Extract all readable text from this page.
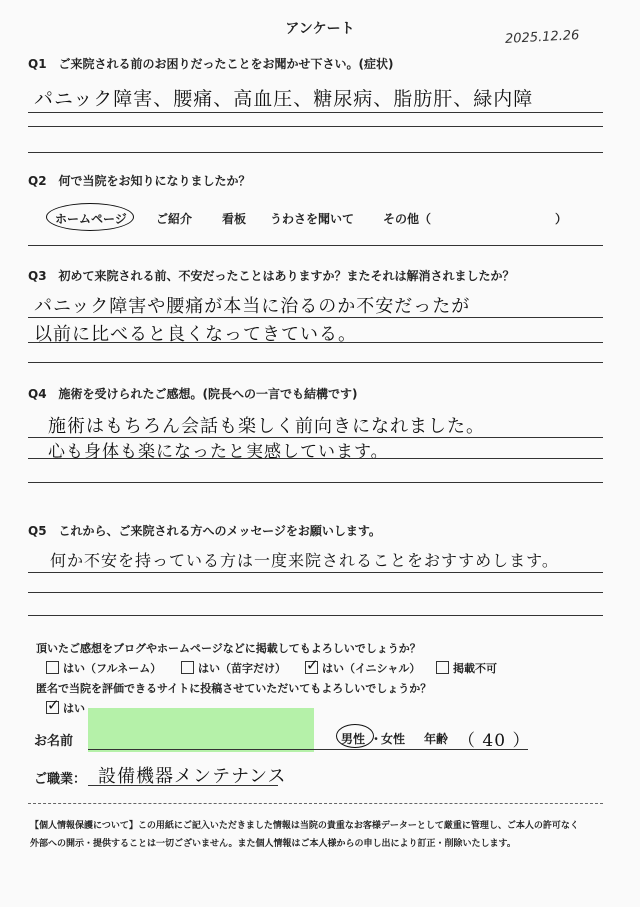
アンケート	2025.12.26
Q1　ご来院される前のお困りだったことをお聞かせ下さい。(症状)
パニック障害、腰痛、高血圧、糖尿病、脂肪肝、緑内障
Q2　何で当院をお知りになりましたか？
ホームページ ご紹介 看板 うわさを聞いて その他（	）
Q3　初めて来院される前、不安だったことはありますか？またそれは解消されましたか？
パニック障害や腰痛が本当に治るのか不安だったが
以前に比べると良くなってきている。
Q4　施術を受けられたご感想。(院長への一言でも結構です)
施術はもちろん会話も楽しく前向きになれました。
心も身体も楽になったと実感しています。
Q5　これから、ご来院される方へのメッセージをお願いします。
何か不安を持っている方は一度来院されることをおすすめします。
頂いたご感想をブログやホームページなどに掲載してもよろしいでしょうか？
はい（フルネーム）	はい（苗字だけ）
✓	はい（イニシャル）	掲載不可
匿名で当院を評価できるサイトに投稿させていただいてもよろしいでしょうか？
✓はい
お名前	男性 ・
女性 年齢 （ 40 ）
ご職業： 設備機器メンテナンス
【個人情報保護について】この用紙にご記入いただきました情報は当院の貴重なお客様データーとして厳重に管理し、ご本人の許可なく
外部への開示・提供することは一切ございません。また個人情報はご本人様からの申し出により訂正・削除いたします。
